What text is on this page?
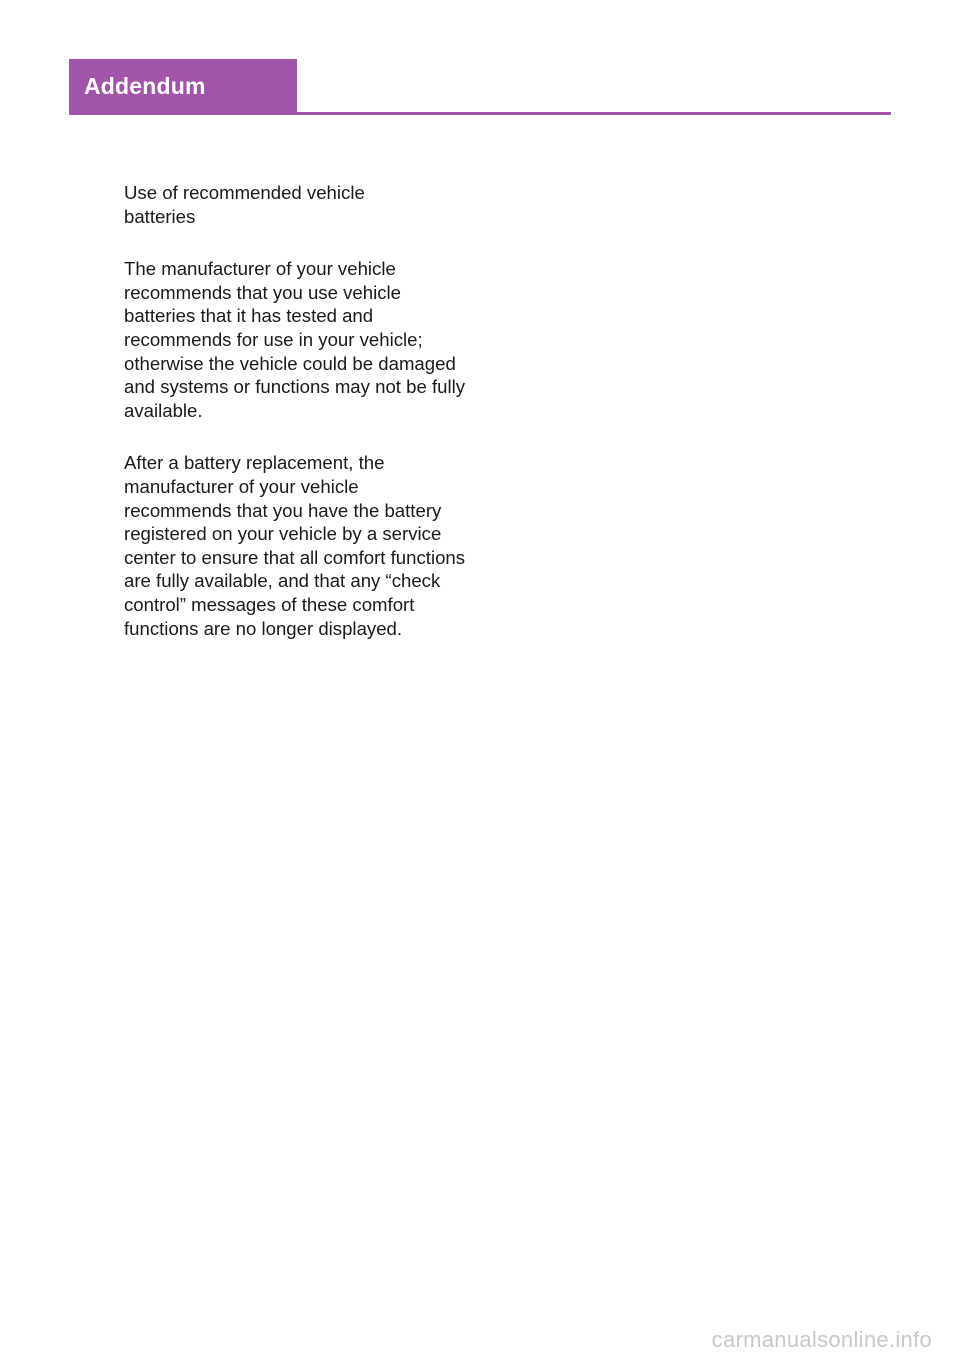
Addendum
Use of recommended vehicle batteries

The manufacturer of your vehicle recommends that you use vehicle batteries that it has tested and recommends for use in your vehicle; otherwise the vehicle could be damaged and systems or functions may not be fully available.

After a battery replacement, the manufacturer of your vehicle recommends that you have the battery registered on your vehicle by a service center to ensure that all comfort functions are fully available, and that any “check control” messages of these comfort functions are no longer displayed.

carmanualsonline.info
